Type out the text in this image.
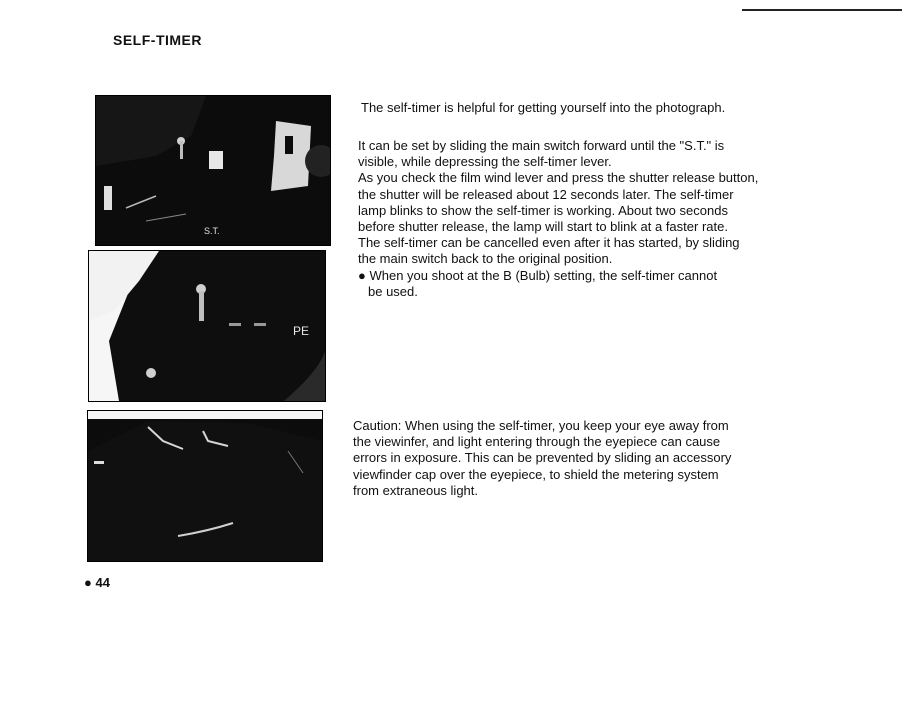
SELF-TIMER
S.T.
PE
The self-timer is helpful for getting yourself into the photograph.
It can be set by sliding the main switch forward until the "S.T." is
visible, while depressing the self-timer lever.
As you check the film wind lever and press the shutter release button,
the shutter will be released about 12 seconds later. The self-timer
lamp blinks to show the self-timer is working. About two seconds
before shutter release, the lamp will start to blink at a faster rate.
The self-timer can be cancelled even after it has started, by sliding
the main switch back to the original position.
● When you shoot at the B (Bulb) setting, the self-timer cannot
be used.
Caution: When using the self-timer, you keep your eye away from
the viewinfer, and light entering through the eyepiece can cause
errors in exposure. This can be prevented by sliding an accessory
viewfinder cap over the eyepiece, to shield the metering system
from extraneous light.
● 44
